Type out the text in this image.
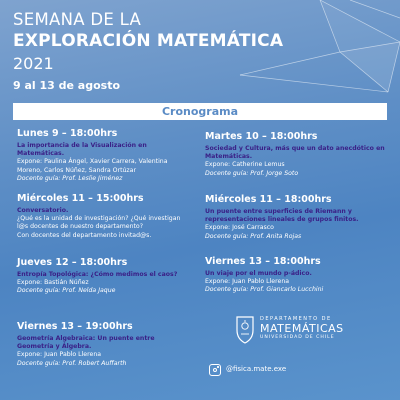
SEMANA DE LA
EXPLORACIÓN MATEMÁTICA
2021
9 al 13 de agosto
Cronograma
Lunes 9 – 18:00hrs
La importancia de la Visualización en Matemáticas.
Expone: Paulina Ángel, Xavier Carrera, Valentina
Moreno, Carlos Núñez, Sandra Ortúzar
Docente guía: Prof. Leslie Jiménez
Miércoles 11 – 15:00hrs
Conversatorio.
¿Qué es la unidad de investigación? ¿Qué investigan
l@s docentes de nuestro departamento?
Con docentes del departamento invitad@s.
Jueves 12 – 18:00hrs
Entropía Topológica: ¿Cómo medimos el caos?
Expone: Bastián Núñez
Docente guía: Prof. Nelda Jaque
Viernes 13 – 19:00hrs
Geometría Algebraica: Un puente entre Geometría y Álgebra.
Expone: Juan Pablo Llerena
Docente guía: Prof. Robert Auffarth
Martes 10 – 18:00hrs
Sociedad y Cultura, más que un dato anecdótico en Matemáticas.
Expone: Catherine Lemus
Docente guía: Prof. Jorge Soto
Miércoles 11 – 18:00hrs
Un puente entre superficies de Riemann y representaciones lineales de grupos finitos.
Expone: José Carrasco
Docente guía: Prof. Anita Rojas
Viernes 13 – 18:00hrs
Un viaje por el mundo p-ádico.
Expone: Juan Pablo Llerena
Docente guía: Prof. Giancarlo Lucchini
DEPARTAMENTO DE
MATEMÁTICAS
UNIVERSIDAD DE CHILE
@fisica.mate.exe
